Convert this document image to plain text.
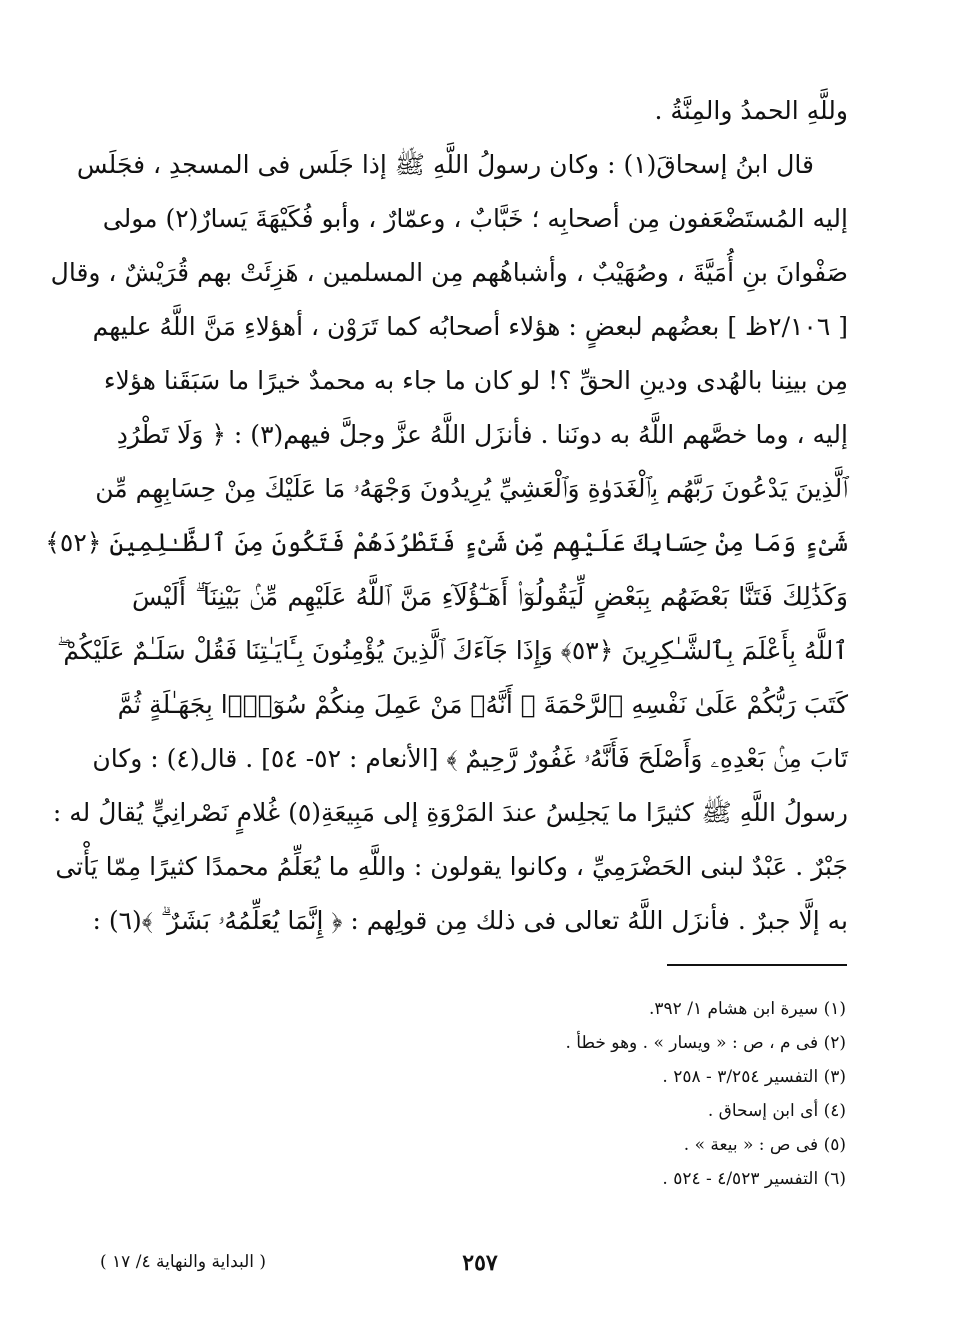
وللَّهِ الحمدُ والمِنَّةُ .
قال ابنُ إسحاقَ(١) : وكان رسولُ اللَّهِ ﷺ إذا جَلَس فى المسجدِ ، فجَلَس
إليه المُستَضْعَفون مِن أصحابِه ؛ خَبَّابٌ ، وعمّارٌ ، وأبو فُكَيْهَةَ يَسارٌ(٢) مولى
صَفْوانَ بنِ أُمَيَّةَ ، وصُهَيْبٌ ، وأشباهُهم مِن المسلمين ، هَزِئَتْ بهم قُرَيْشٌ ، وقال
[ ٢/١٠٦ظ ] بعضُهم لبعضٍ : هؤلاء أصحابُه كما تَرَوْن ، أهؤلاءِ مَنَّ اللَّهُ عليهم
مِن بينِنا بالهُدى ودينِ الحقِّ ؟! لو كان ما جاء به محمدٌ خيرًا ما سَبَقَنا هؤلاء
إليه ، وما خصَّهم اللَّهُ به دونَنا . فأنزَل اللَّهُ عزَّ وجلَّ فيهم(٣) : ﴿ وَلَا تَطْرُدِ
ٱلَّذِينَ يَدْعُونَ رَبَّهُم بِٱلْغَدَوٰةِ وَٱلْعَشِيِّ يُرِيدُونَ وَجْهَهُۥ مَا عَلَيْكَ مِنْ حِسَابِهِم مِّن
شَىْءٍ وَمَا مِنْ حِسَابِكَ عَلَيْهِم مِّن شَىْءٍ فَتَطْرُدَهُمْ فَتَكُونَ مِنَ ٱلظَّـٰلِمِينَ ﴿٥٢﴾
وَكَذَٰلِكَ فَتَنَّا بَعْضَهُم بِبَعْضٍ لِّيَقُولُوٓا۟ أَهَـٰٓؤُلَآءِ مَنَّ ٱللَّهُ عَلَيْهِم مِّنۢ بَيْنِنَآ ۗ أَلَيْسَ
ٱللَّهُ بِأَعْلَمَ بِٱلشَّـٰكِرِينَ ﴿٥٣﴾ وَإِذَا جَآءَكَ ٱلَّذِينَ يُؤْمِنُونَ بِـَٔايَـٰتِنَا فَقُلْ سَلَـٰمٌ عَلَيْكُمْ ۖ
كَتَبَ رَبُّكُمْ عَلَىٰ نَفْسِهِ ٱلرَّحْمَةَ ۖ أَنَّهُۥ مَنْ عَمِلَ مِنكُمْ سُوٓءًۢا بِجَهَـٰلَةٍ ثُمَّ
تَابَ مِنۢ بَعْدِهِۦ وَأَصْلَحَ فَأَنَّهُۥ غَفُورٌ رَّحِيمٌ ﴾ [الأنعام : ٥٢- ٥٤] . قال(٤) : وكان
رسولُ اللَّهِ ﷺ كثيرًا ما يَجلِسُ عندَ المَرْوَةِ إلى مَبِيعَةِ(٥) غُلامٍ نَصْرانِيٍّ يُقالُ له :
جَبْرٌ . عَبْدٌ لبنى الحَضْرَمِيِّ ، وكانوا يقولون : واللَّهِ ما يُعَلِّمُ محمدًا كثيرًا مِمّا يَأْتى
به إلَّا جبرٌ . فأنزَل اللَّهُ تعالى فى ذلك مِن قولِهم : ﴿ إِنَّمَا يُعَلِّمُهُۥ بَشَرٌ ۗ ﴾(٦) :
(١) سيرة ابن هشام ١/ ٣٩٢.
(٢) فى م ، ص : « ويسار » . وهو خطأ .
(٣) التفسير ٣/٢٥٤ - ٢٥٨ .
(٤) أى ابن إسحاق .
(٥) فى ص : « بيعة » .
(٦) التفسير ٤/٥٢٣ - ٥٢٤ .
٢٥٧
( البداية والنهاية ٤/ ١٧ )
